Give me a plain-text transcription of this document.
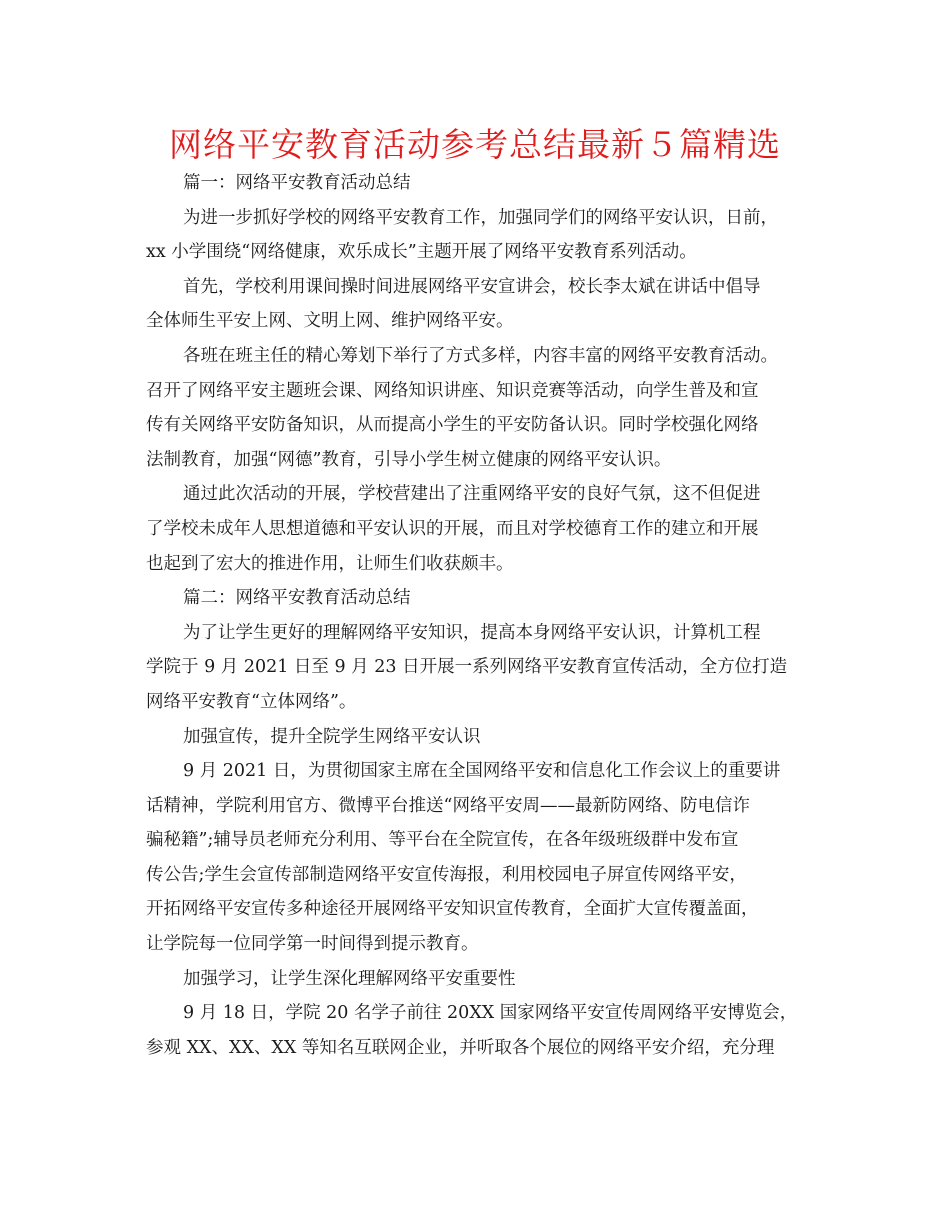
网络平安教育活动参考总结最新５篇精选
篇一：网络平安教育活动总结
为进一步抓好学校的网络平安教育工作，加强同学们的网络平安认识，日前，
xx 小学围绕“网络健康，欢乐成长”主题开展了网络平安教育系列活动。
首先，学校利用课间操时间进展网络平安宣讲会，校长李太斌在讲话中倡导
全体师生平安上网、文明上网、维护网络平安。
各班在班主任的精心筹划下举行了方式多样，内容丰富的网络平安教育活动。
召开了网络平安主题班会课、网络知识讲座、知识竞赛等活动，向学生普及和宣
传有关网络平安防备知识，从而提高小学生的平安防备认识。同时学校强化网络
法制教育，加强“网德”教育，引导小学生树立健康的网络平安认识。
通过此次活动的开展，学校营建出了注重网络平安的良好气氛，这不但促进
了学校未成年人思想道德和平安认识的开展，而且对学校德育工作的建立和开展
也起到了宏大的推进作用，让师生们收获颇丰。
篇二：网络平安教育活动总结
为了让学生更好的理解网络平安知识，提高本身网络平安认识，计算机工程
学院于 9 月 2021 日至 9 月 23 日开展一系列网络平安教育宣传活动，全方位打造
网络平安教育“立体网络”。
加强宣传，提升全院学生网络平安认识
9 月 2021 日，为贯彻国家主席在全国网络平安和信息化工作会议上的重要讲
话精神，学院利用官方、微博平台推送“网络平安周——最新防网络、防电信诈
骗秘籍”;辅导员老师充分利用、等平台在全院宣传，在各年级班级群中发布宣
传公告;学生会宣传部制造网络平安宣传海报，利用校园电子屏宣传网络平安，
开拓网络平安宣传多种途径开展网络平安知识宣传教育，全面扩大宣传覆盖面，
让学院每一位同学第一时间得到提示教育。
加强学习，让学生深化理解网络平安重要性
9 月 18 日，学院 20 名学子前往 20XX 国家网络平安宣传周网络平安博览会，
参观 XX、XX、XX 等知名互联网企业，并听取各个展位的网络平安介绍，充分理
